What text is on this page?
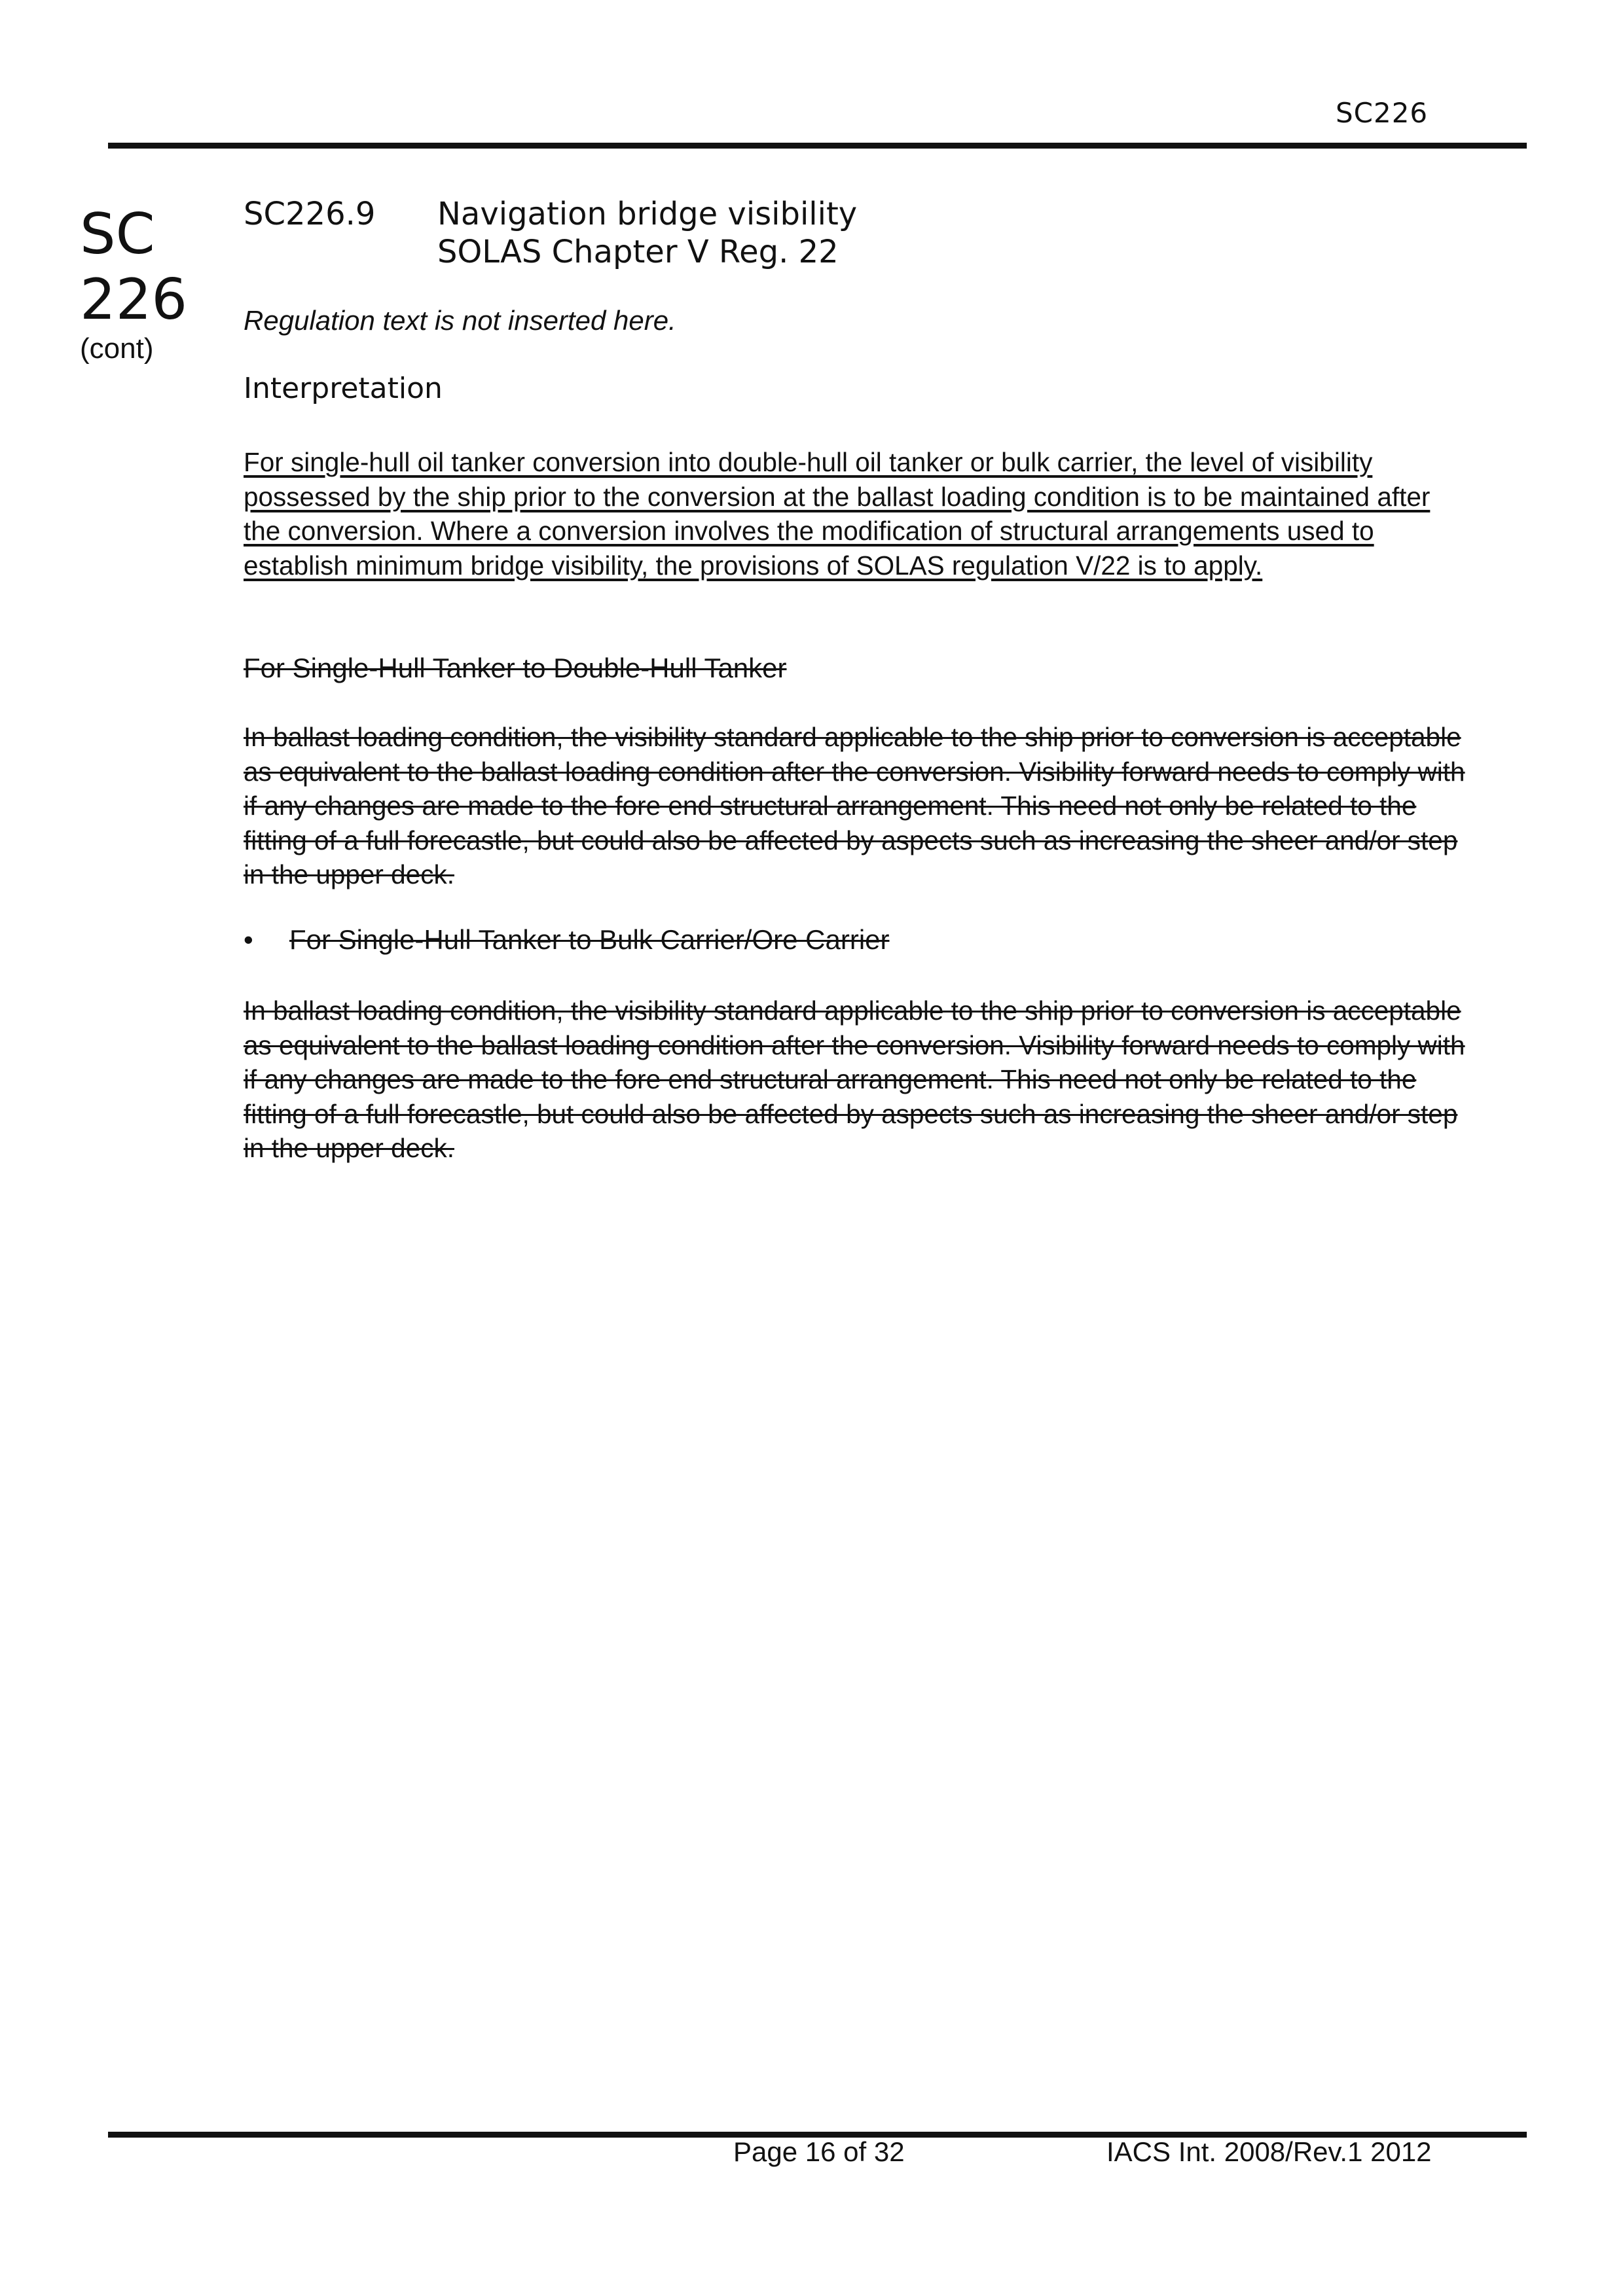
SC226
SC
226
(cont)
SC226.9 Navigation bridge visibility
SOLAS Chapter V Reg. 22
Regulation text is not inserted here.
Interpretation

For single-hull oil tanker conversion into double-hull oil tanker or bulk carrier, the level of visibility possessed by the ship prior to the conversion at the ballast loading condition is to be maintained after the conversion. Where a conversion involves the modification of structural arrangements used to establish minimum bridge visibility, the provisions of SOLAS regulation V/22 is to apply.

For Single-Hull Tanker to Double-Hull Tanker

In ballast loading condition, the visibility standard applicable to the ship prior to conversion is acceptable as equivalent to the ballast loading condition after the conversion. Visibility forward needs to comply with if any changes are made to the fore end structural arrangement. This need not only be related to the fitting of a full forecastle, but could also be affected by aspects such as increasing the sheer and/or step in the upper deck.

• For Single-Hull Tanker to Bulk Carrier/Ore Carrier

In ballast loading condition, the visibility standard applicable to the ship prior to conversion is acceptable as equivalent to the ballast loading condition after the conversion. Visibility forward needs to comply with if any changes are made to the fore end structural arrangement. This need not only be related to the fitting of a full forecastle, but could also be affected by aspects such as increasing the sheer and/or step in the upper deck.

Page 16 of 32	IACS Int. 2008/Rev.1 2012
